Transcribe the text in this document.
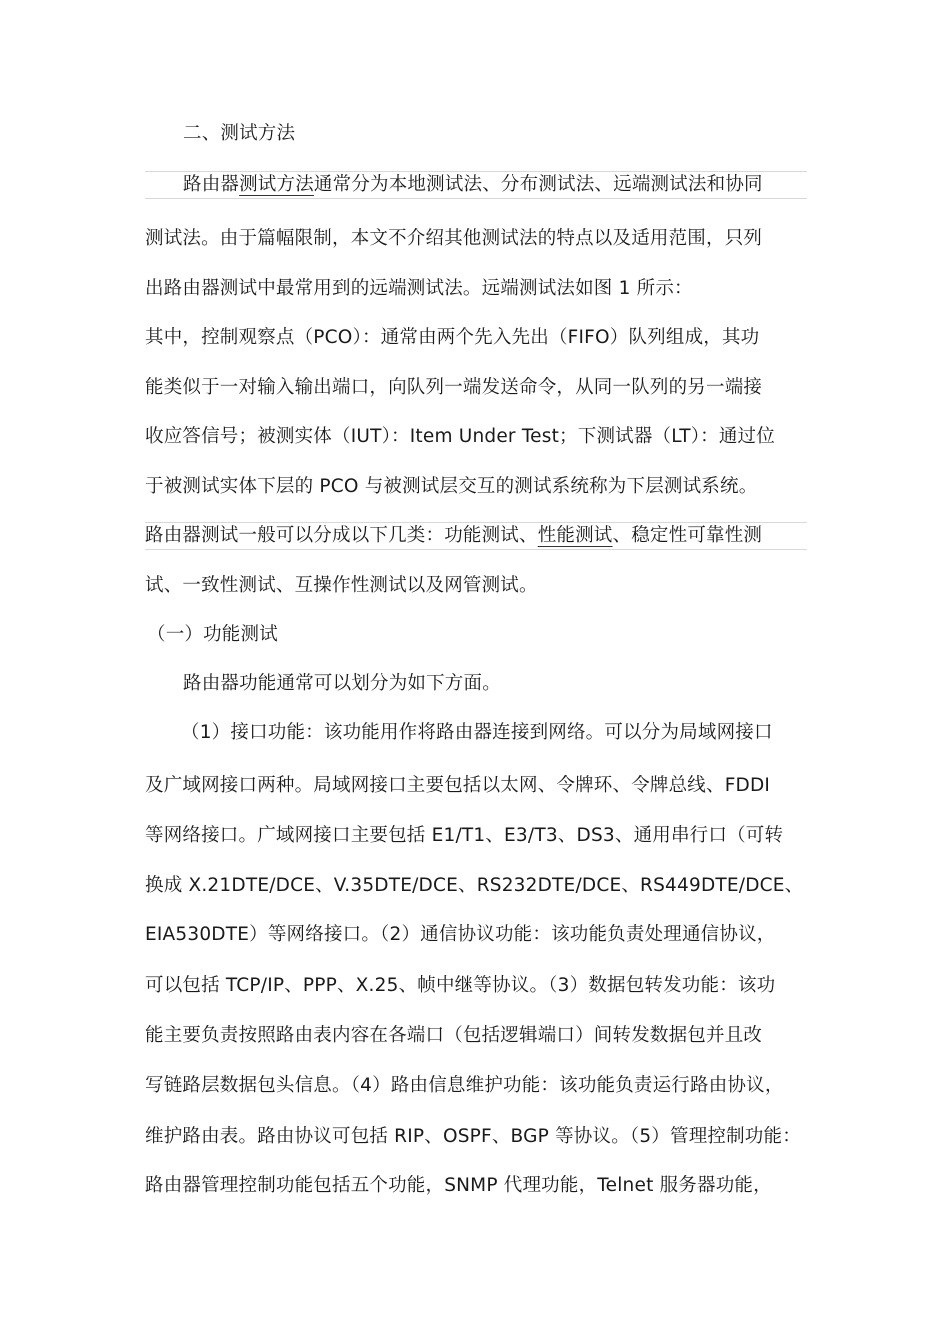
二、测试方法
路由器测试方法通常分为本地测试法、分布测试法、远端测试法和协同
测试法。由于篇幅限制，本文不介绍其他测试法的特点以及适用范围，只列
出路由器测试中最常用到的远端测试法。远端测试法如图 1 所示：
其中，控制观察点（PCO）：通常由两个先入先出（FIFO）队列组成，其功
能类似于一对输入输出端口，向队列一端发送命令，从同一队列的另一端接
收应答信号；被测实体（IUT）：Item Under Test；下测试器（LT）：通过位
于被测试实体下层的 PCO 与被测试层交互的测试系统称为下层测试系统。
路由器测试一般可以分成以下几类：功能测试、性能测试、稳定性可靠性测
试、一致性测试、互操作性测试以及网管测试。
（一）功能测试
路由器功能通常可以划分为如下方面。
（1）接口功能：该功能用作将路由器连接到网络。可以分为局域网接口
及广域网接口两种。局域网接口主要包括以太网、令牌环、令牌总线、FDDI
等网络接口。广域网接口主要包括 E1/T1、E3/T3、DS3、通用串行口（可转
换成 X.21DTE/DCE、V.35DTE/DCE、RS232DTE/DCE、RS449DTE/DCE、
EIA530DTE）等网络接口。（2）通信协议功能：该功能负责处理通信协议，
可以包括 TCP/IP、PPP、X.25、帧中继等协议。（3）数据包转发功能：该功
能主要负责按照路由表内容在各端口（包括逻辑端口）间转发数据包并且改
写链路层数据包头信息。（4）路由信息维护功能：该功能负责运行路由协议，
维护路由表。路由协议可包括 RIP、OSPF、BGP 等协议。（5）管理控制功能：
路由器管理控制功能包括五个功能，SNMP 代理功能，Telnet 服务器功能，
